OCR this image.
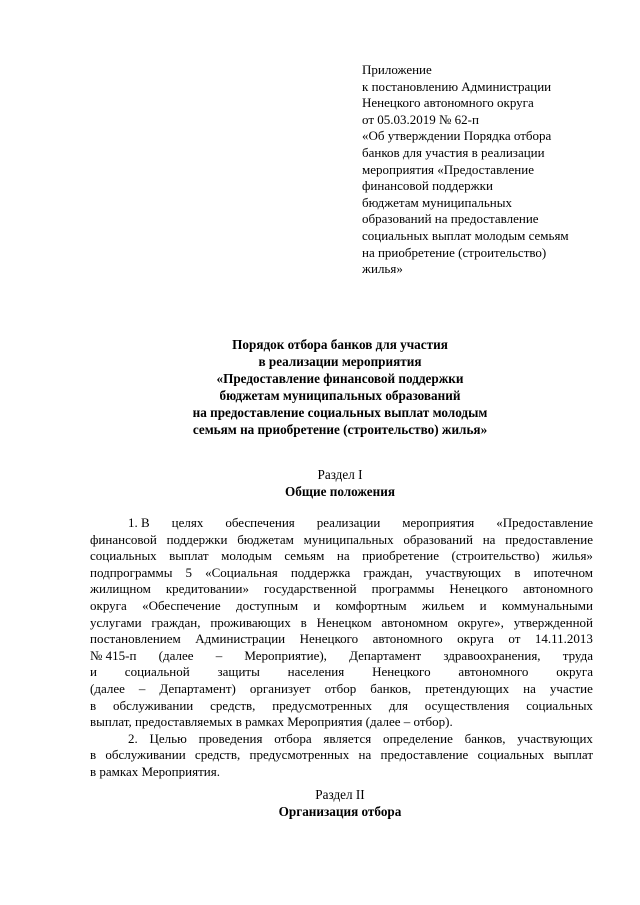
Приложение
к постановлению Администрации
Ненецкого автономного округа
от 05.03.2019 № 62-п
«Об утверждении Порядка отбора
банков для участия в реализации
мероприятия «Предоставление
финансовой поддержки
бюджетам муниципальных
образований на предоставление
социальных выплат молодым семьям
на приобретение (строительство)
жилья»
Порядок отбора банков для участия
в реализации мероприятия
«Предоставление финансовой поддержки
бюджетам муниципальных образований
на предоставление социальных выплат молодым
семьям на приобретение (строительство) жилья»
Раздел I
Общие положения
1. В целях обеспечения реализации мероприятия «Предоставление
финансовой поддержки бюджетам муниципальных образований на предоставление
социальных выплат молодым семьям на приобретение (строительство) жилья»
подпрограммы 5 «Социальная поддержка граждан, участвующих в ипотечном
жилищном кредитовании» государственной программы Ненецкого автономного
округа «Обеспечение доступным и комфортным жильем и коммунальными
услугами граждан, проживающих в Ненецком автономном округе», утвержденной
постановлением Администрации Ненецкого автономного округа от 14.11.2013
№ 415-п (далее – Мероприятие), Департамент здравоохранения, труда
и социальной защиты населения Ненецкого автономного округа
(далее – Департамент) организует отбор банков, претендующих на участие
в обслуживании средств, предусмотренных для осуществления социальных
выплат, предоставляемых в рамках Мероприятия (далее – отбор).
2. Целью проведения отбора является определение банков, участвующих
в обслуживании средств, предусмотренных на предоставление социальных выплат
в рамках Мероприятия.
Раздел II
Организация отбора
